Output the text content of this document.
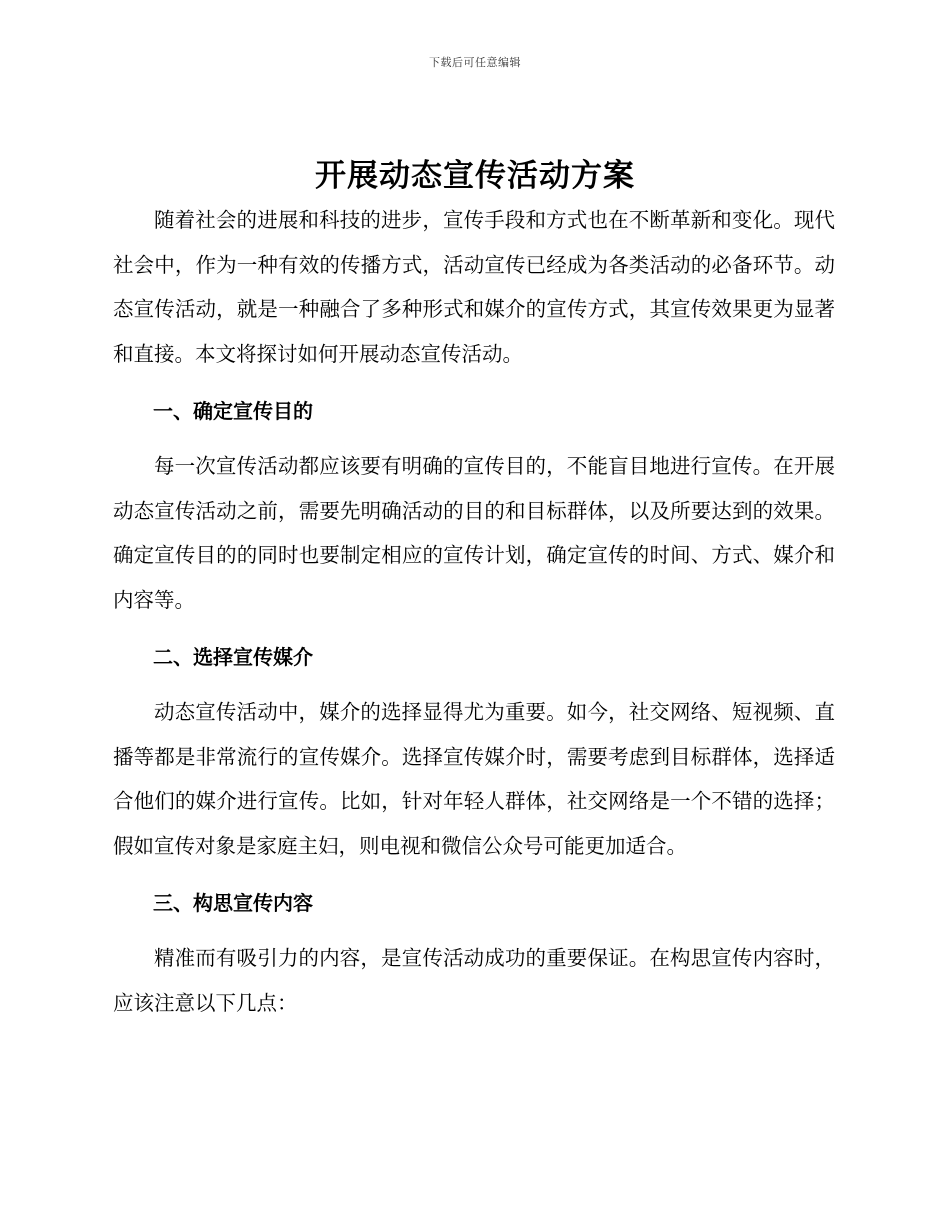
下载后可任意编辑
开展动态宣传活动方案

随着社会的进展和科技的进步，宣传手段和方式也在不断革新和变化。现代社会中，作为一种有效的传播方式，活动宣传已经成为各类活动的必备环节。动态宣传活动，就是一种融合了多种形式和媒介的宣传方式，其宣传效果更为显著和直接。本文将探讨如何开展动态宣传活动。

一、确定宣传目的

每一次宣传活动都应该要有明确的宣传目的，不能盲目地进行宣传。在开展动态宣传活动之前，需要先明确活动的目的和目标群体，以及所要达到的效果。确定宣传目的的同时也要制定相应的宣传计划，确定宣传的时间、方式、媒介和内容等。

二、选择宣传媒介

动态宣传活动中，媒介的选择显得尤为重要。如今，社交网络、短视频、直播等都是非常流行的宣传媒介。选择宣传媒介时，需要考虑到目标群体，选择适合他们的媒介进行宣传。比如，针对年轻人群体，社交网络是一个不错的选择；假如宣传对象是家庭主妇，则电视和微信公众号可能更加适合。

三、构思宣传内容

精准而有吸引力的内容，是宣传活动成功的重要保证。在构思宣传内容时，应该注意以下几点：
